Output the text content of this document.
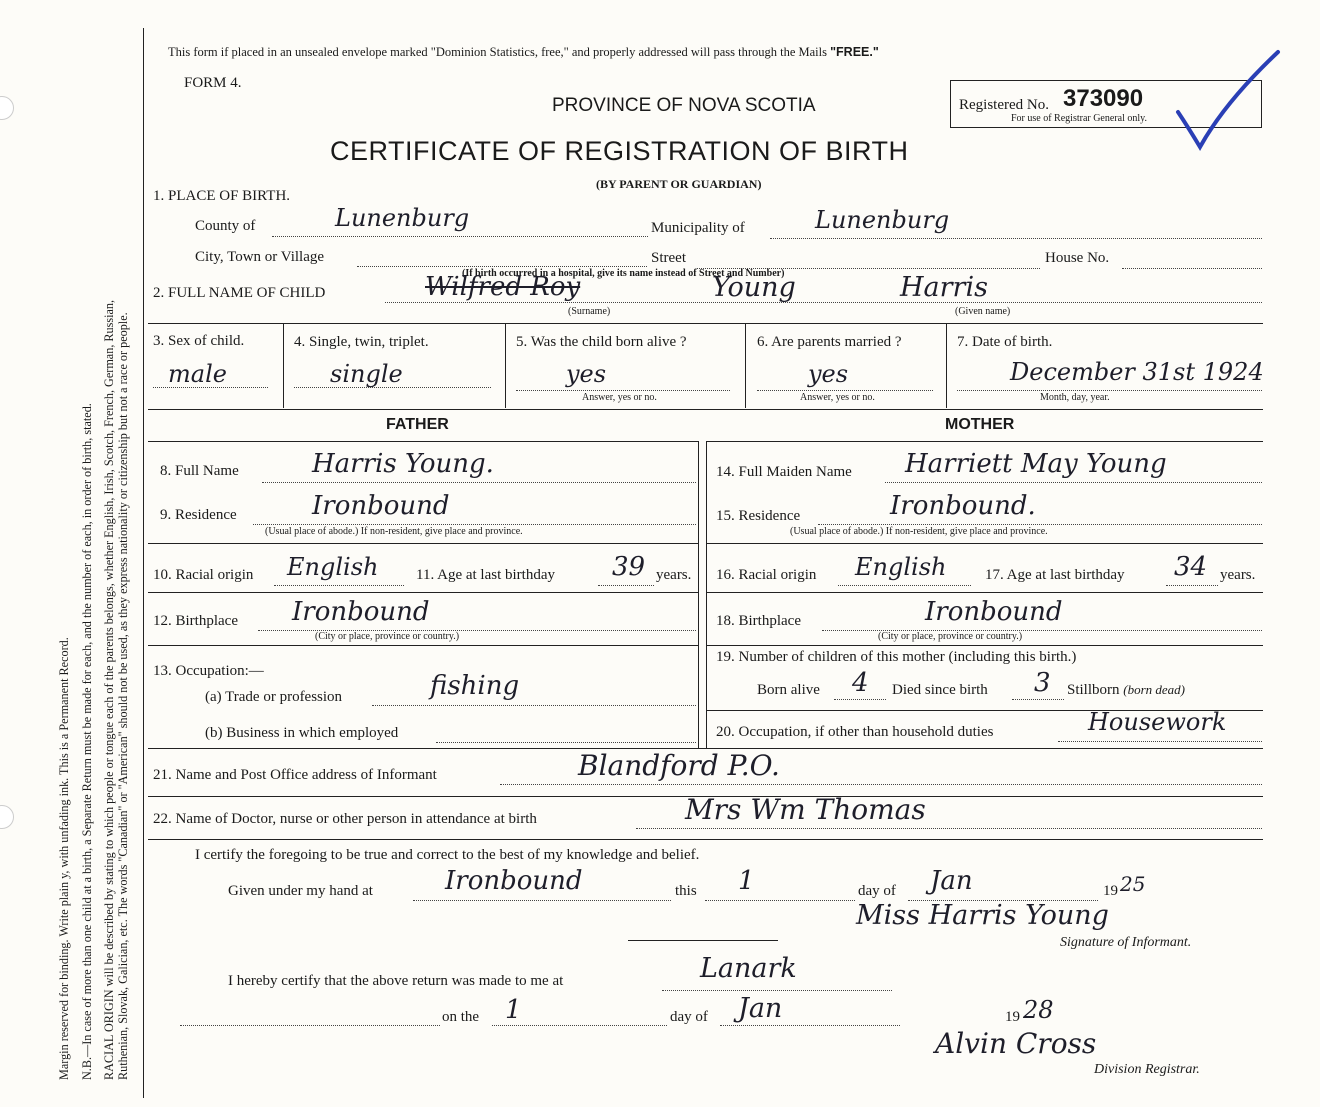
Margin reserved for binding. Write plain y, with unfading ink. This is a Permanent Record. N.B.—In case of more than one child at a birth, a Separate Return must be made for each, and the number of each, in order of birth, stated. RACIAL ORIGIN will be described by stating to which people or tongue each of the parents belongs, whether English, Irish, Scotch, French, German, Russian, Ruthenian, Slovak, Galician, etc. The words "Canadian" or "American" should not be used, as they express nationality or citizenship but not a race or people.
This form if placed in an unsealed envelope marked "Dominion Statistics, free," and properly addressed will pass through the Mails "FREE."
FORM 4.
PROVINCE OF NOVA SCOTIA
CERTIFICATE OF REGISTRATION OF BIRTH
(BY PARENT OR GUARDIAN)
Registered No. 373090
For use of Registrar General only.
1. PLACE OF BIRTH.
County of	Lunenburg	Municipality of	Lunenburg
City, Town or Village	Street	House No.
(If birth occurred in a hospital, give its name instead of Street and Number)
2. FULL NAME OF CHILD	Wilfred Roy	Young	Harris
(Surname)	(Given name)
3. Sex of child.
male
4. Single, twin, triplet.
single
5. Was the child born alive ?
yes
Answer, yes or no.
6. Are parents married ?
yes
Answer, yes or no.
7. Date of birth.
December 31st 1924
Month, day, year.
FATHER	MOTHER
8. Full Name	Harris Young.
9. Residence	Ironbound
(Usual place of abode.) If non-resident, give place and province.
10. Racial origin English	11. Age at last birthday 39 years.
12. Birthplace Ironbound
(City or place, province or country.)
13. Occupation:—
(a) Trade or profession	fishing
(b) Business in which employed
14. Full Maiden Name Harriett May Young
15. Residence	Ironbound.
(Usual place of abode.) If non-resident, give place and province.
16. Racial origin English	17. Age at last birthday 34 years.
18. Birthplace	Ironbound
(City or place, province or country.)
19. Number of children of this mother (including this birth.)
Born alive 4 Died since birth 3 Stillborn (born dead)
20. Occupation, if other than household duties	Housework
21. Name and Post Office address of Informant	Blandford P.O.
22. Name of Doctor, nurse or other person in attendance at birth	Mrs Wm Thomas
I certify the foregoing to be true and correct to the best of my knowledge and belief.
Given under my hand at	Ironbound	this 1	day of Jan	19 25
Miss Harris Young
Signature of Informant.
I hereby certify that the above return was made to me at	Lanark
on the 1	day of Jan	19 28
Alvin Cross
Division Registrar.
